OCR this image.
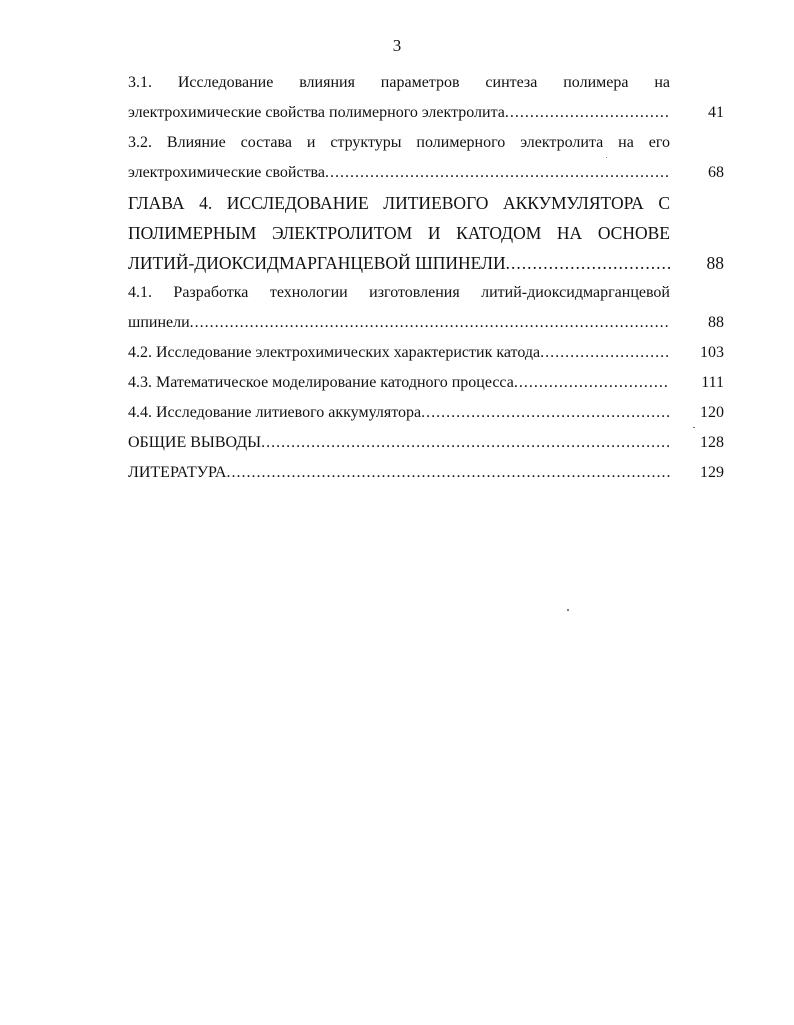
3
3.1. Исследование влияния параметров синтеза полимера на
электрохимические свойства полимерного электролита .....	41
3.2. Влияние состава и структуры полимерного электролита на его
электрохимические свойства .....	68
ГЛАВА 4. ИССЛЕДОВАНИЕ ЛИТИЕВОГО АККУМУЛЯТОРА С
ПОЛИМЕРНЫМ ЭЛЕКТРОЛИТОМ И КАТОДОМ НА ОСНОВЕ
ЛИТИЙ-ДИОКСИДМАРГАНЦЕВОЙ ШПИНЕЛИ .....	88
4.1. Разработка технологии изготовления литий-диоксидмарганцевой
шпинели .....	88
4.2. Исследование электрохимических характеристик катода .....	103
4.3. Математическое моделирование катодного процесса .....	111
4.4. Исследование литиевого аккумулятора .....	120
ОБЩИЕ ВЫВОДЫ .....	128
ЛИТЕРАТУРА .....	129
